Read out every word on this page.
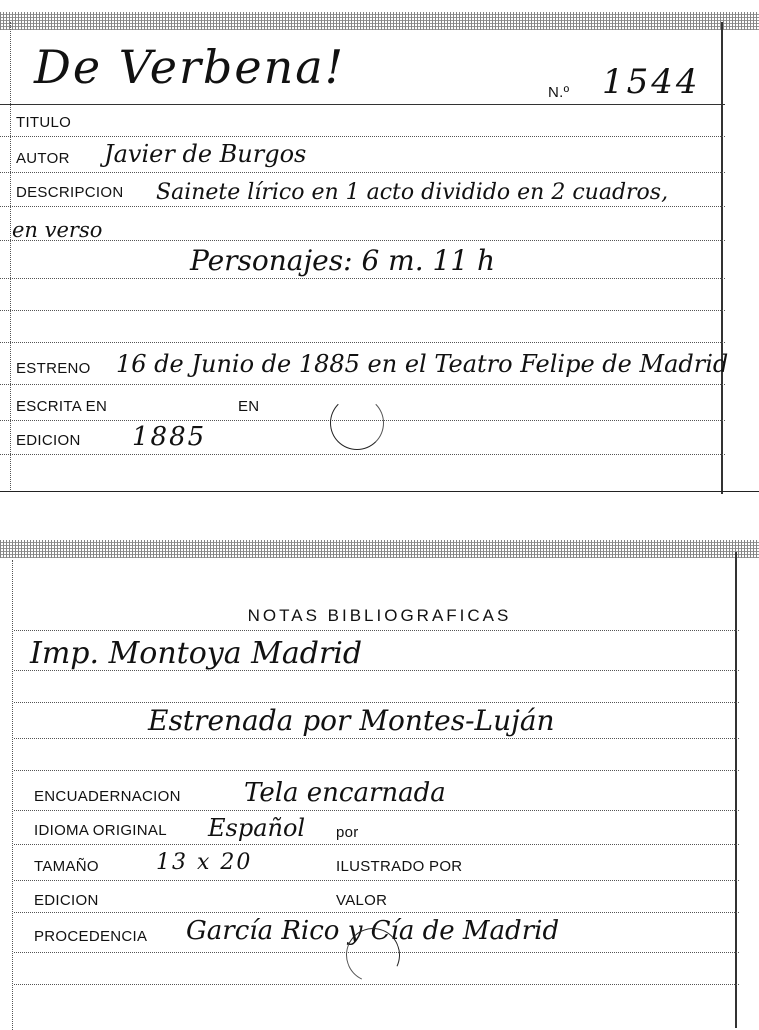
De Verbena!	N.º 1544
TITULO
AUTOR Javier de Burgos
DESCRIPCION Sainete lírico en 1 acto dividido en 2 cuadros,
en verso
Personajes: 6 m. 11 h
ESTRENO 16 de Junio de 1885 en el Teatro Felipe de Madrid
ESCRITA EN	EN
EDICION 1885
NOTAS BIBLIOGRAFICAS
Imp. Montoya Madrid
Estrenada por Montes-Luján
ENCUADERNACION Tela encarnada
IDIOMA ORIGINAL Español por
TAMAÑO	13 x 20	ILUSTRADO POR
EDICION	VALOR
PROCEDENCIA García Rico y Cía de Madrid
